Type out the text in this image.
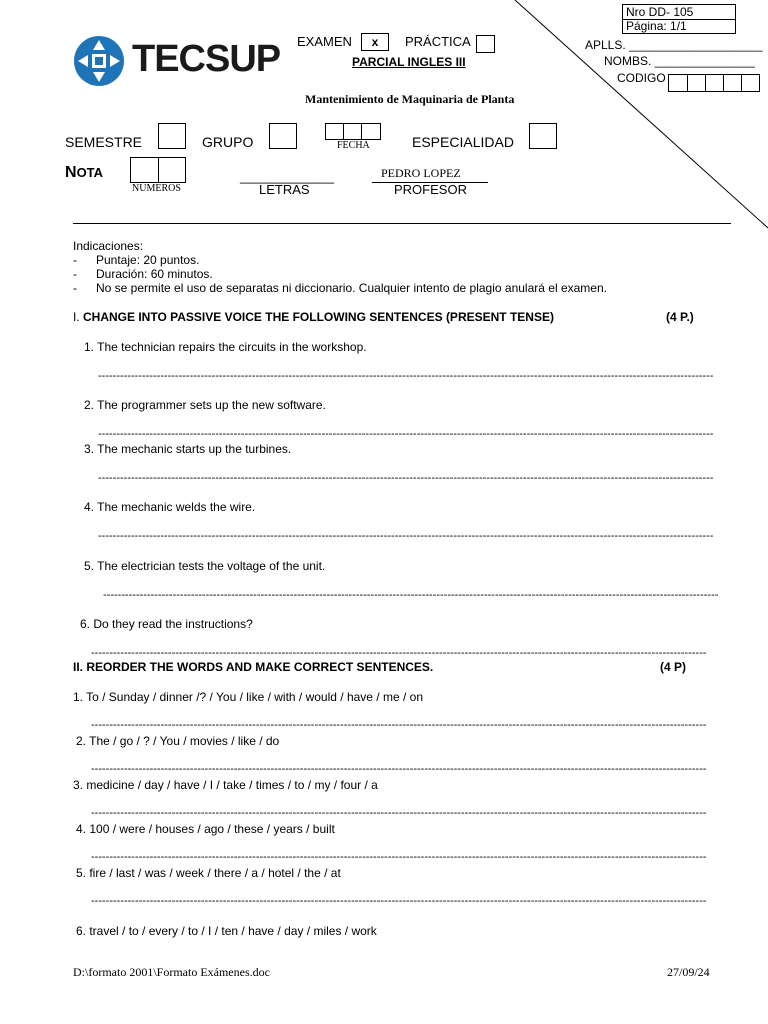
Nro DD- 105
Página: 1/1
TECSUP EXAMEN	x	PRÁCTICA
PARCIAL INGLES III
Mantenimiento de Maquinaria de Planta
APLLS. ____________________
NOMBS. _______________
CODIGO
SEMESTRE	GRUPO	FECHA	ESPECIALIDAD
NOTA
NÚMEROS
_____________
LETRAS
PEDRO LOPEZ
PROFESOR
Indicaciones:
- Puntaje: 20 puntos.
- Duración: 60 minutos.
- No se permite el uso de separatas ni diccionario. Cualquier intento de plagio anulará el examen.
I. CHANGE INTO PASSIVE VOICE THE FOLLOWING SENTENCES (PRESENT TENSE)	(4 P.)
1. The technician repairs the circuits in the workshop.
------------------------------------------------------------------------------------------------------------------------------------------------------------------------
2. The programmer sets up the new software.
------------------------------------------------------------------------------------------------------------------------------------------------------------------------
3. The mechanic starts up the turbines.
------------------------------------------------------------------------------------------------------------------------------------------------------------------------
4. The mechanic welds the wire.
------------------------------------------------------------------------------------------------------------------------------------------------------------------------
5. The electrician tests the voltage of the unit.
------------------------------------------------------------------------------------------------------------------------------------------------------------------------
6. Do they read the instructions?
------------------------------------------------------------------------------------------------------------------------------------------------------------------------
II. REORDER THE WORDS AND MAKE CORRECT SENTENCES.	(4 P)
1. To / Sunday / dinner /? / You / like / with / would / have / me / on
------------------------------------------------------------------------------------------------------------------------------------------------------------------------
2. The / go / ? / You / movies / like / do
------------------------------------------------------------------------------------------------------------------------------------------------------------------------
3. medicine / day / have / I / take / times / to / my / four / a
------------------------------------------------------------------------------------------------------------------------------------------------------------------------
4. 100 / were / houses / ago / these / years / built
------------------------------------------------------------------------------------------------------------------------------------------------------------------------
5. fire / last / was / week / there / a / hotel / the / at
------------------------------------------------------------------------------------------------------------------------------------------------------------------------
6. travel / to / every / to / I / ten / have / day / miles / work
D:\formato 2001\Formato Exámenes.doc	27/09/24
